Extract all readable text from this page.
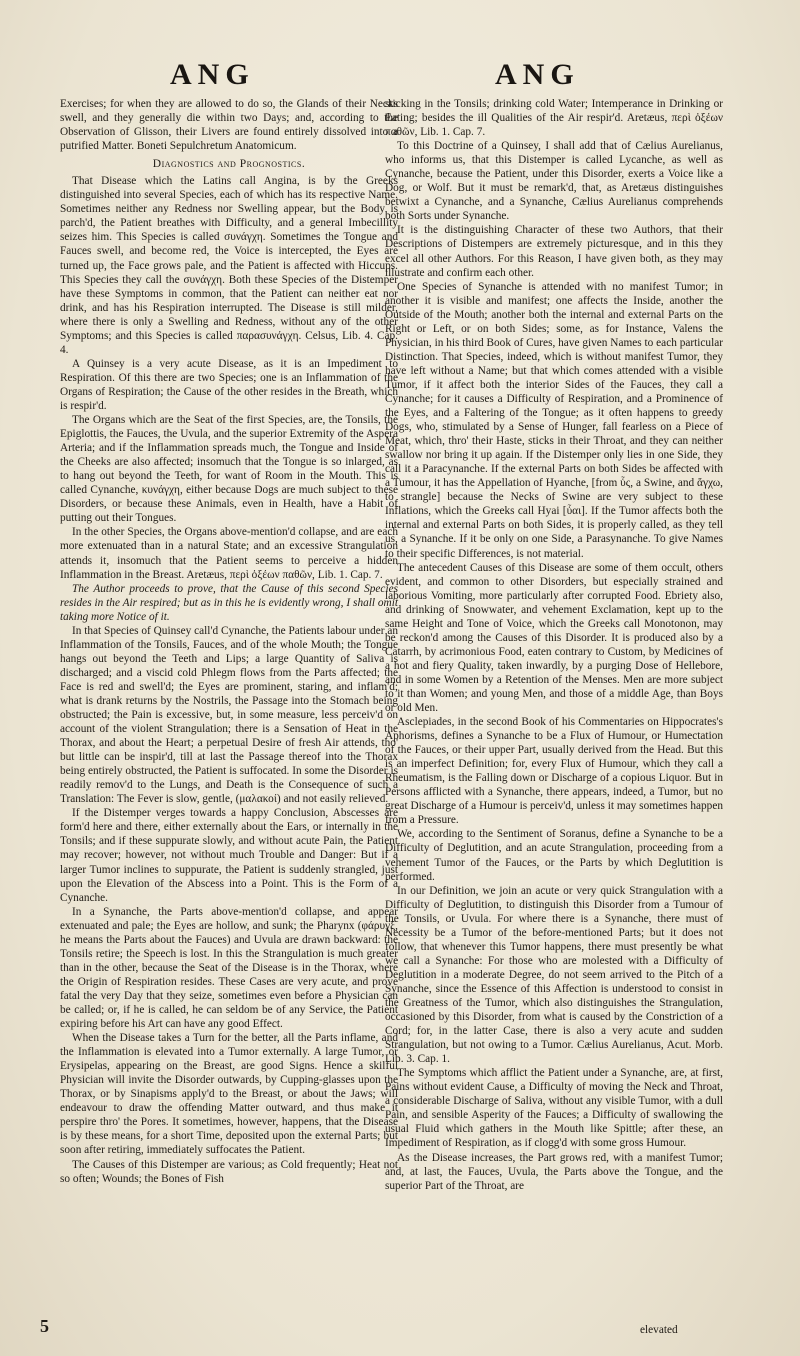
ANG	ANG

Exercises; for when they are allowed to do so, the Glands of their Necks swell, and they generally die within two Days; and, according to the Observation of Glisson, their Livers are found entirely dissolved into a putrified Matter. Boneti Sepulchretum Anatomicum.

Diagnostics and Prognostics.

That Disease which the Latins call Angina, is by the Greeks distinguished into several Species, each of which has its respective Name. Sometimes neither any Redness nor Swelling appear, but the Body is parch'd, the Patient breathes with Difficulty, and a general Imbecillity seizes him. This Species is called συνάγχη. Sometimes the Tongue and Fauces swell, and become red, the Voice is intercepted, the Eyes are turned up, the Face grows pale, and the Patient is affected with Hiccups. This Species they call the συνάγχη. Both these Species of the Distemper have these Symptoms in common, that the Patient can neither eat nor drink, and has his Respiration interrupted. The Disease is still milder, where there is only a Swelling and Redness, without any of the other Symptoms; and this Species is called παρασυνάγχη. Celsus, Lib. 4. Cap. 4.

A Quinsey is a very acute Disease, as it is an Impediment to Respiration. Of this there are two Species; one is an Inflammation of the Organs of Respiration; the Cause of the other resides in the Breath, which is respir'd.

The Organs which are the Seat of the first Species, are, the Tonsils, the Epiglottis, the Fauces, the Uvula, and the superior Extremity of the Aspera Arteria; and if the Inflammation spreads much, the Tongue and Inside of the Cheeks are also affected; insomuch that the Tongue is so inlarged, as to hang out beyond the Teeth, for want of Room in the Mouth. This is called Cynanche, κυνάγχη, either because Dogs are much subject to these Disorders, or because these Animals, even in Health, have a Habit of putting out their Tongues.

In the other Species, the Organs above-mention'd collapse, and are each more extenuated than in a natural State; and an excessive Strangulation attends it, insomuch that the Patient seems to perceive a hidden Inflammation in the Breast. Aretæus, περὶ ὀξέων παθῶν, Lib. 1. Cap. 7.

The Author proceeds to prove, that the Cause of this second Species resides in the Air respired; but as in this he is evidently wrong, I shall omit taking more Notice of it.

In that Species of Quinsey call'd Cynanche, the Patients labour under an Inflammation of the Tonsils, Fauces, and of the whole Mouth; the Tongue hangs out beyond the Teeth and Lips; a large Quantity of Saliva is discharged; and a viscid cold Phlegm flows from the Parts affected; the Face is red and swell'd; the Eyes are prominent, staring, and inflam'd; what is drank returns by the Nostrils, the Passage into the Stomach being obstructed; the Pain is excessive, but, in some measure, less perceiv'd on account of the violent Strangulation; there is a Sensation of Heat in the Thorax, and about the Heart; a perpetual Desire of fresh Air attends, tho' but little can be inspir'd, till at last the Passage thereof into the Thorax being entirely obstructed, the Patient is suffocated. In some the Disorder is readily remov'd to the Lungs, and Death is the Consequence of such a Translation: The Fever is slow, gentle, (μαλακοί) and not easily relieved.

If the Distemper verges towards a happy Conclusion, Abscesses are form'd here and there, either externally about the Ears, or internally in the Tonsils; and if these suppurate slowly, and without acute Pain, the Patient may recover; however, not without much Trouble and Danger: But if a larger Tumor inclines to suppurate, the Patient is suddenly strangled, just upon the Elevation of the Abscess into a Point. This is the Form of a Cynanche.

In a Synanche, the Parts above-mention'd collapse, and appear extenuated and pale; the Eyes are hollow, and sunk; the Pharynx (φάρυγξ, he means the Parts about the Fauces) and Uvula are drawn backward: the Tonsils retire; the Speech is lost. In this the Strangulation is much greater than in the other, because the Seat of the Disease is in the Thorax, where the Origin of Respiration resides. These Cases are very acute, and prove fatal the very Day that they seize, sometimes even before a Physician can be called; or, if he is called, he can seldom be of any Service, the Patient expiring before his Art can have any good Effect.

When the Disease takes a Turn for the better, all the Parts inflame, and the Inflammation is elevated into a Tumor externally. A large Tumor, or Erysipelas, appearing on the Breast, are good Signs. Hence a skilful Physician will invite the Disorder outwards, by Cupping-glasses upon the Thorax, or by Sinapisms apply'd to the Breast, or about the Jaws; will endeavour to draw the offending Matter outward, and thus make it perspire thro' the Pores. It sometimes, however, happens, that the Disease is by these means, for a short Time, deposited upon the external Parts; but soon after retiring, immediately suffocates the Patient.

The Causes of this Distemper are various; as Cold frequently; Heat not so often; Wounds; the Bones of Fish

sticking in the Tonsils; drinking cold Water; Intemperance in Drinking or Eating; besides the ill Qualities of the Air respir'd. Aretæus, περὶ ὀξέων παθῶν, Lib. 1. Cap. 7.

To this Doctrine of a Quinsey, I shall add that of Cælius Aurelianus, who informs us, that this Distemper is called Lycanche, as well as Cynanche, because the Patient, under this Disorder, exerts a Voice like a Dog, or Wolf. But it must be remark'd, that, as Aretæus distinguishes betwixt a Cynanche, and a Synanche, Cælius Aurelianus comprehends both Sorts under Synanche.

It is the distinguishing Character of these two Authors, that their Descriptions of Distempers are extremely picturesque, and in this they excel all other Authors. For this Reason, I have given both, as they may illustrate and confirm each other.

One Species of Synanche is attended with no manifest Tumor; in another it is visible and manifest; one affects the Inside, another the Outside of the Mouth; another both the internal and external Parts on the Right or Left, or on both Sides; some, as for Instance, Valens the Physician, in his third Book of Cures, have given Names to each particular Distinction. That Species, indeed, which is without manifest Tumor, they have left without a Name; but that which comes attended with a visible Tumor, if it affect both the interior Sides of the Fauces, they call a Cynanche; for it causes a Difficulty of Respiration, and a Prominence of the Eyes, and a Faltering of the Tongue; as it often happens to greedy Dogs, who, stimulated by a Sense of Hunger, fall fearless on a Piece of Meat, which, thro' their Haste, sticks in their Throat, and they can neither swallow nor bring it up again. If the Distemper only lies in one Side, they call it a Paracynanche. If the external Parts on both Sides be affected with a Tumour, it has the Appellation of Hyanche, [from ὗς, a Swine, and ἄγχω, to strangle] because the Necks of Swine are very subject to these Inflations, which the Greeks call Hyai [ὗαι]. If the Tumor affects both the internal and external Parts on both Sides, it is properly called, as they tell us, a Synanche. If it be only on one Side, a Parasynanche. To give Names to their specific Differences, is not material.

The antecedent Causes of this Disease are some of them occult, others evident, and common to other Disorders, but especially strained and laborious Vomiting, more particularly after corrupted Food. Ebriety also, and drinking of Snowwater, and vehement Exclamation, kept up to the same Height and Tone of Voice, which the Greeks call Monotonon, may be reckon'd among the Causes of this Disorder. It is produced also by a Catarrh, by acrimonious Food, eaten contrary to Custom, by Medicines of a hot and fiery Quality, taken inwardly, by a purging Dose of Hellebore, and in some Women by a Retention of the Menses. Men are more subject to it than Women; and young Men, and those of a middle Age, than Boys or old Men.

Asclepiades, in the second Book of his Commentaries on Hippocrates's Aphorisms, defines a Synanche to be a Flux of Humour, or Humectation of the Fauces, or their upper Part, usually derived from the Head. But this is an imperfect Definition; for, every Flux of Humour, which they call a Rheumatism, is the Falling down or Discharge of a copious Liquor. But in Persons afflicted with a Synanche, there appears, indeed, a Tumor, but no great Discharge of a Humour is perceiv'd, unless it may sometimes happen from a Pressure.

We, according to the Sentiment of Soranus, define a Synanche to be a Difficulty of Deglutition, and an acute Strangulation, proceeding from a vehement Tumor of the Fauces, or the Parts by which Deglutition is performed.

In our Definition, we join an acute or very quick Strangulation with a Difficulty of Deglutition, to distinguish this Disorder from a Tumour of the Tonsils, or Uvula. For where there is a Synanche, there must of Necessity be a Tumor of the before-mentioned Parts; but it does not follow, that whenever this Tumor happens, there must presently be what we call a Synanche: For those who are molested with a Difficulty of Deglutition in a moderate Degree, do not seem arrived to the Pitch of a Synanche, since the Essence of this Affection is understood to consist in the Greatness of the Tumor, which also distinguishes the Strangulation, occasioned by this Disorder, from what is caused by the Constriction of a Cord; for, in the latter Case, there is also a very acute and sudden Strangulation, but not owing to a Tumor. Cælius Aurelianus, Acut. Morb. Lib. 3. Cap. 1.

The Symptoms which afflict the Patient under a Synanche, are, at first, Pains without evident Cause, a Difficulty of moving the Neck and Throat, a considerable Discharge of Saliva, without any visible Tumor, with a dull Pain, and sensible Asperity of the Fauces; a Difficulty of swallowing the usual Fluid which gathers in the Mouth like Spittle; after these, an Impediment of Respiration, as if clogg'd with some gross Humour.

As the Disease increases, the Part grows red, with a manifest Tumor; and, at last, the Fauces, Uvula, the Parts above the Tongue, and the superior Part of the Throat, are

5	elevated
